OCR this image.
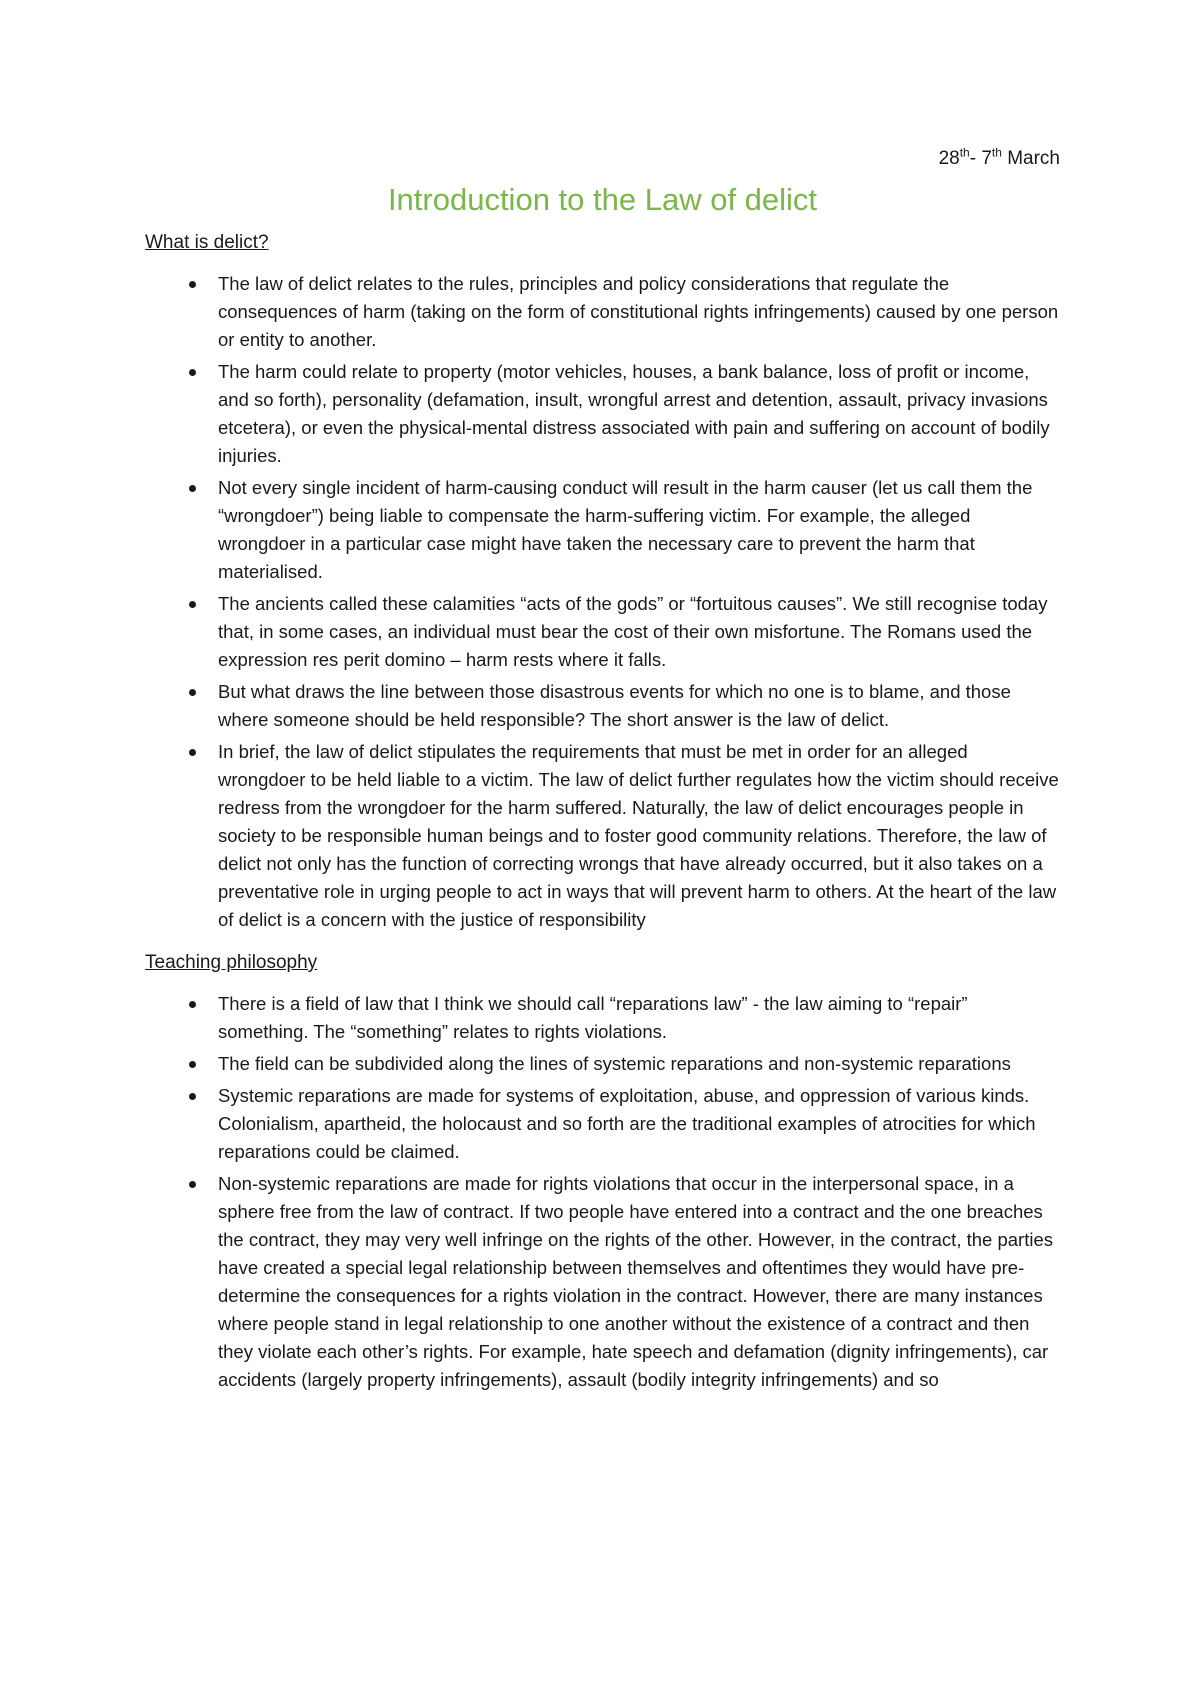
28th- 7th March
Introduction to the Law of delict
What is delict?
The law of delict relates to the rules, principles and policy considerations that regulate the consequences of harm (taking on the form of constitutional rights infringements) caused by one person or entity to another.
The harm could relate to property (motor vehicles, houses, a bank balance, loss of profit or income, and so forth), personality (defamation, insult, wrongful arrest and detention, assault, privacy invasions etcetera), or even the physical-mental distress associated with pain and suffering on account of bodily injuries.
Not every single incident of harm-causing conduct will result in the harm causer (let us call them the “wrongdoer”) being liable to compensate the harm-suffering victim. For example, the alleged wrongdoer in a particular case might have taken the necessary care to prevent the harm that materialised.
The ancients called these calamities “acts of the gods” or “fortuitous causes”. We still recognise today that, in some cases, an individual must bear the cost of their own misfortune. The Romans used the expression res perit domino – harm rests where it falls.
But what draws the line between those disastrous events for which no one is to blame, and those where someone should be held responsible? The short answer is the law of delict.
In brief, the law of delict stipulates the requirements that must be met in order for an alleged wrongdoer to be held liable to a victim. The law of delict further regulates how the victim should receive redress from the wrongdoer for the harm suffered. Naturally, the law of delict encourages people in society to be responsible human beings and to foster good community relations. Therefore, the law of delict not only has the function of correcting wrongs that have already occurred, but it also takes on a preventative role in urging people to act in ways that will prevent harm to others. At the heart of the law of delict is a concern with the justice of responsibility
Teaching philosophy
There is a field of law that I think we should call “reparations law” - the law aiming to “repair” something. The “something” relates to rights violations.
The field can be subdivided along the lines of systemic reparations and non-systemic reparations
Systemic reparations are made for systems of exploitation, abuse, and oppression of various kinds. Colonialism, apartheid, the holocaust and so forth are the traditional examples of atrocities for which reparations could be claimed.
Non-systemic reparations are made for rights violations that occur in the interpersonal space, in a sphere free from the law of contract. If two people have entered into a contract and the one breaches the contract, they may very well infringe on the rights of the other. However, in the contract, the parties have created a special legal relationship between themselves and oftentimes they would have pre-determine the consequences for a rights violation in the contract. However, there are many instances where people stand in legal relationship to one another without the existence of a contract and then they violate each other’s rights. For example, hate speech and defamation (dignity infringements), car accidents (largely property infringements), assault (bodily integrity infringements) and so
